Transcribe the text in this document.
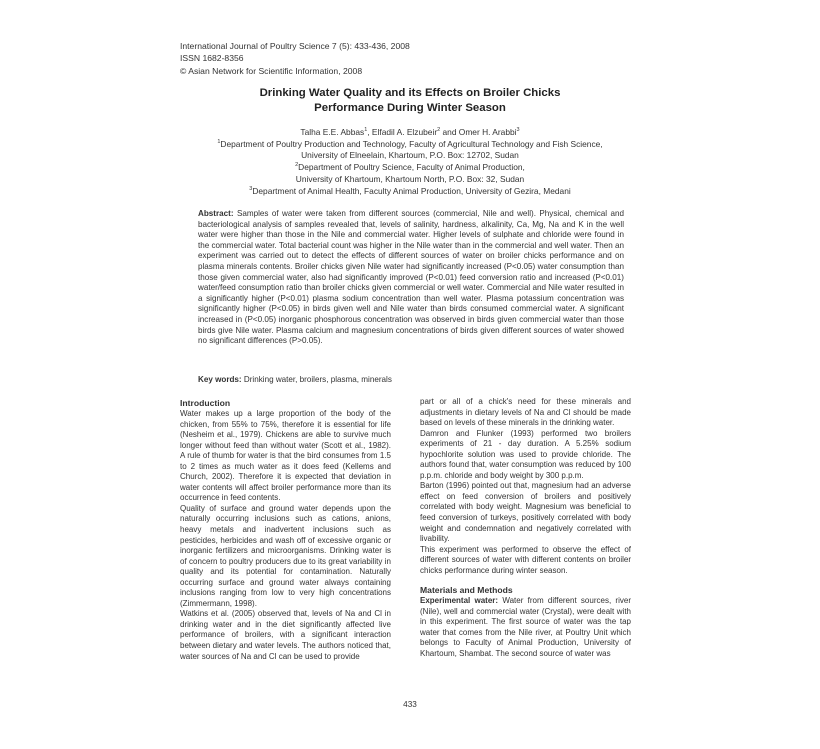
International Journal of Poultry Science 7 (5): 433-436, 2008
ISSN 1682-8356
© Asian Network for Scientific Information, 2008
Drinking Water Quality and its Effects on Broiler Chicks
Performance During Winter Season
Talha E.E. Abbas$^1$, Elfadil A. Elzubeir$^2$ and Omer H. Arabbi$^3$
$^1$Department of Poultry Production and Technology, Faculty of Agricultural Technology and Fish Science,
University of Elneelain, Khartoum, P.O. Box: 12702, Sudan
$^2$Department of Poultry Science, Faculty of Animal Production,
University of Khartoum, Khartoum North, P.O. Box: 32, Sudan
$^3$Department of Animal Health, Faculty Animal Production, University of Gezira, Medani
Abstract: Samples of water were taken from different sources (commercial, Nile and well). Physical, chemical and bacteriological analysis of samples revealed that, levels of salinity, hardness, alkalinity, Ca, Mg, Na and K in the well water were higher than those in the Nile and commercial water. Higher levels of sulphate and chloride were found in the commercial water. Total bacterial count was higher in the Nile water than in the commercial and well water. Then an experiment was carried out to detect the effects of different sources of water on broiler chicks performance and on plasma minerals contents. Broiler chicks given Nile water had significantly increased (P<0.05) water consumption than those given commercial water, also had significantly improved (P<0.01) feed conversion ratio and increased (P<0.01) water/feed consumption ratio than broiler chicks given commercial or well water. Commercial and Nile water resulted in a significantly higher (P<0.01) plasma sodium concentration than well water. Plasma potassium concentration was significantly higher (P<0.05) in birds given well and Nile water than birds consumed commercial water. A significant increased in (P<0.05) inorganic phosphorous concentration was observed in birds given commercial water than those birds give Nile water. Plasma calcium and magnesium concentrations of birds given different sources of water showed no significant differences (P>0.05).
Key words: Drinking water, broilers, plasma, minerals

Introduction

Water makes up a large proportion of the body of the chicken, from 55% to 75%, therefore it is essential for life (Nesheim et al., 1979). Chickens are able to survive much longer without feed than without water (Scott et al., 1982). A rule of thumb for water is that the bird consumes from 1.5 to 2 times as much water as it does feed (Kellems and Church, 2002). Therefore it is expected that deviation in water contents will affect broiler performance more than its occurrence in feed contents.

Quality of surface and ground water depends upon the naturally occurring inclusions such as cations, anions, heavy metals and inadvertent inclusions such as pesticides, herbicides and wash off of excessive organic or inorganic fertilizers and microorganisms. Drinking water is of concern to poultry producers due to its great variability in quality and its potential for contamination. Naturally occurring surface and ground water always containing inclusions ranging from low to very high concentrations (Zimmermann, 1998).

Watkins et al. (2005) observed that, levels of Na and Cl in drinking water and in the diet significantly affected live performance of broilers, with a significant interaction between dietary and water levels. The authors noticed that, water sources of Na and Cl can be used to provide

part or all of a chick's need for these minerals and adjustments in dietary levels of Na and Cl should be made based on levels of these minerals in the drinking water.

Damron and Flunker (1993) performed two broilers experiments of 21 - day duration. A 5.25% sodium hypochlorite solution was used to provide chloride. The authors found that, water consumption was reduced by 100 p.p.m. chloride and body weight by 300 p.p.m.

Barton (1996) pointed out that, magnesium had an adverse effect on feed conversion of broilers and positively correlated with body weight. Magnesium was beneficial to feed conversion of turkeys, positively correlated with body weight and condemnation and negatively correlated with livability.

This experiment was performed to observe the effect of different sources of water with different contents on broiler chicks performance during winter season.

Materials and Methods

Experimental water: Water from different sources, river (Nile), well and commercial water (Crystal), were dealt with in this experiment. The first source of water was the tap water that comes from the Nile river, at Poultry Unit which belongs to Faculty of Animal Production, University of Khartoum, Shambat. The second source of water was

433
